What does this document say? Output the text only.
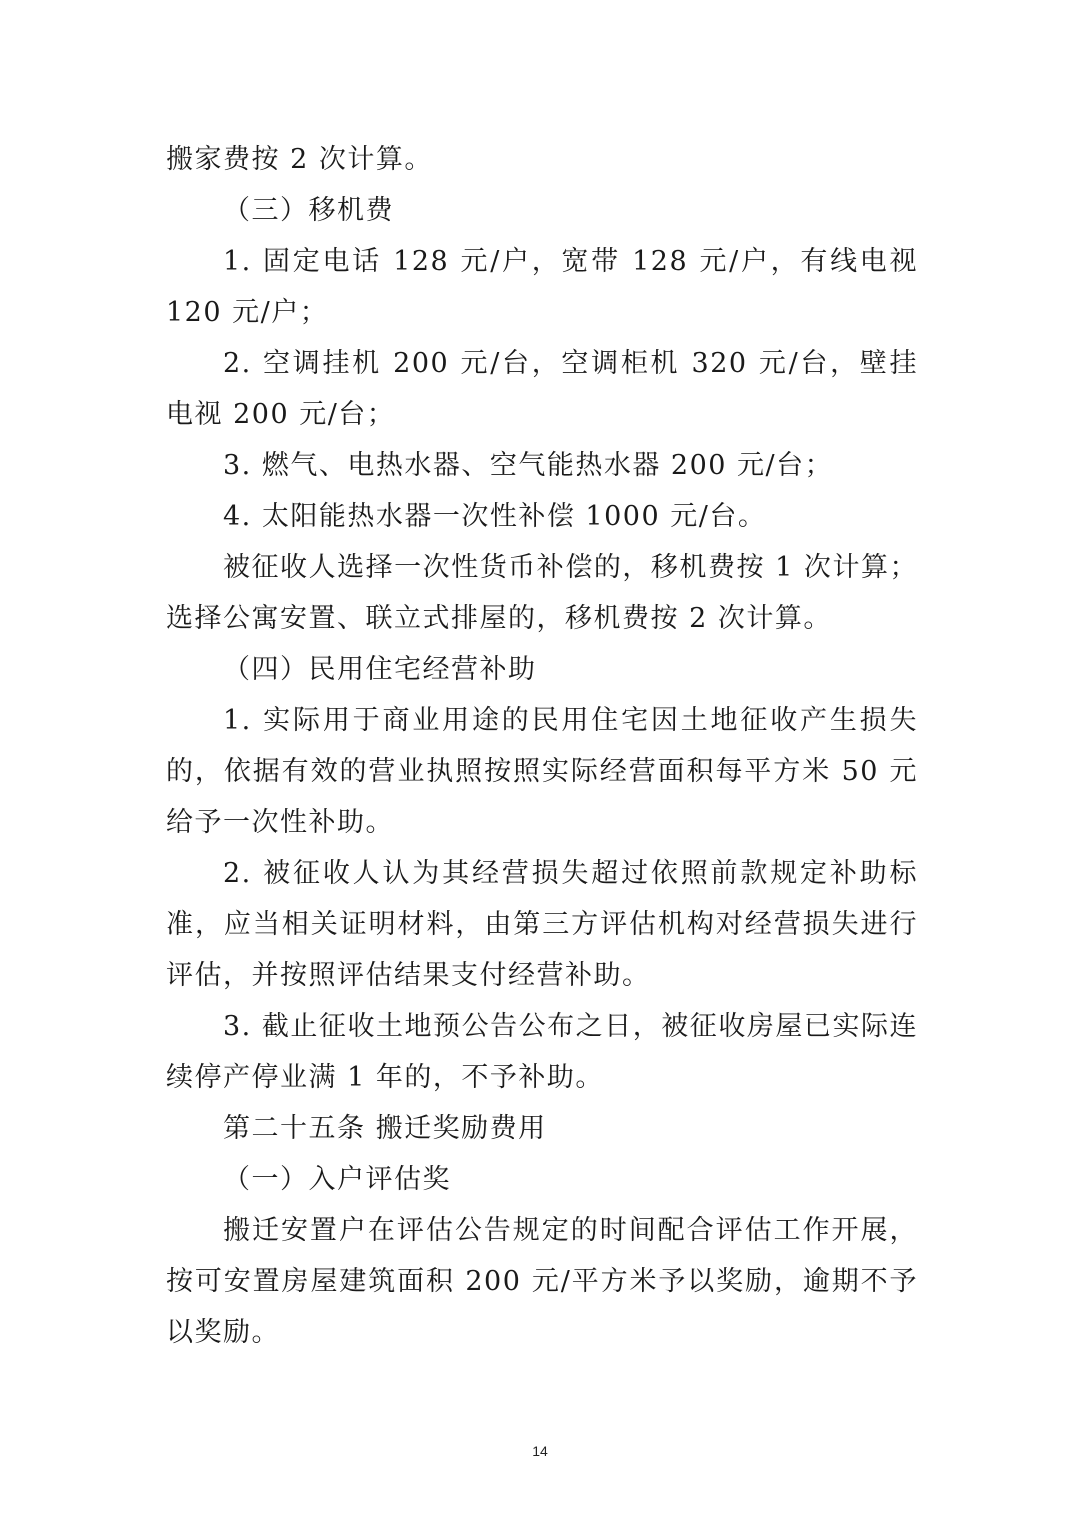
搬家费按 2 次计算。

（三）移机费

1. 固定电话 128 元/户，宽带 128 元/户，有线电视 120 元/户；

2. 空调挂机 200 元/台，空调柜机 320 元/台，壁挂电视 200 元/台；

3. 燃气、电热水器、空气能热水器 200 元/台；

4. 太阳能热水器一次性补偿 1000 元/台。

被征收人选择一次性货币补偿的，移机费按 1 次计算；选择公寓安置、联立式排屋的，移机费按 2 次计算。

（四）民用住宅经营补助

1. 实际用于商业用途的民用住宅因土地征收产生损失的，依据有效的营业执照按照实际经营面积每平方米 50 元给予一次性补助。

2. 被征收人认为其经营损失超过依照前款规定补助标准，应当相关证明材料，由第三方评估机构对经营损失进行评估，并按照评估结果支付经营补助。

3. 截止征收土地预公告公布之日，被征收房屋已实际连续停产停业满 1 年的，不予补助。

第二十五条 搬迁奖励费用

（一）入户评估奖

搬迁安置户在评估公告规定的时间配合评估工作开展，按可安置房屋建筑面积 200 元/平方米予以奖励，逾期不予以奖励。

14
